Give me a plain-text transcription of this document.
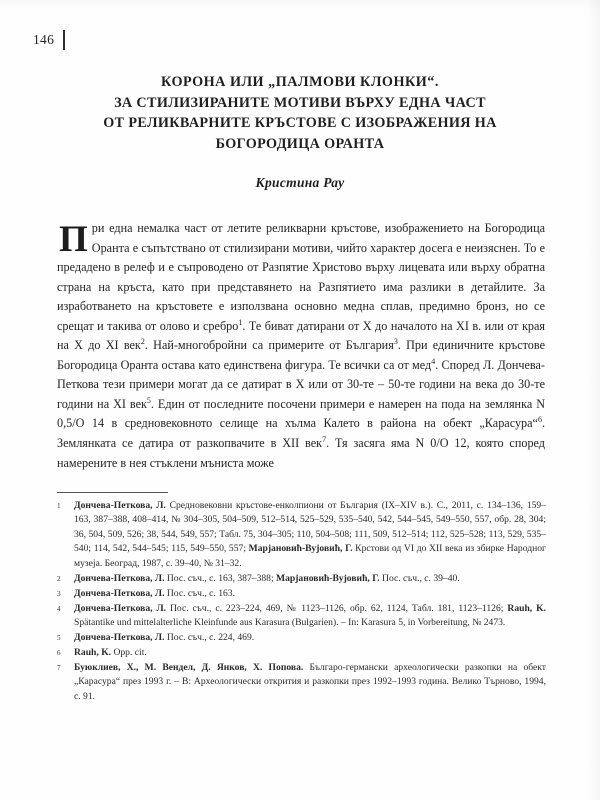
146
КОРОНА ИЛИ „ПАЛМОВИ КЛОНКИ“.
ЗА СТИЛИЗИРАНИТЕ МОТИВИ ВЪРХУ ЕДНА ЧАСТ
ОТ РЕЛИКВАРНИТЕ КРЪСТОВЕ С ИЗОБРАЖЕНИЯ НА
БОГОРОДИЦА ОРАНТА
Кристина Рау

При една немалка част от летите реликварни кръстове, изображението на Богородица Оранта е съпътствано от стилизирани мотиви, чийто характер досега е неизяснен. То е предадено в релеф и е съпроводено от Разпятие Христово върху лицевата или върху обратна страна на кръста, като при представянето на Разпятието има разлики в детайлите. За изработването на кръстовете е използвана основно медна сплав, предимно бронз, но се срещат и такива от олово и сребро$^1$. Те биват датирани от X до началото на XI в. или от края на X до XI век$^2$. Най-многобройни са примерите от България$^3$. При единичните кръстове Богородица Оранта остава като единствена фигура. Те всички са от мед$^4$. Според Л. Дончева-Петкова тези примери могат да се датират в X или от 30-те – 50-те години на века до 30-те години на XI век$^5$. Един от последните посочени примери е намерен на пода на землянка N 0,5/O 14 в средновековното селище на хълма Калето в района на обект „Карасура“$^6$. Землянката се датира от разкопвачите в XII век$^7$. Тя засяга яма N 0/O 12, която според намерените в нея стъклени мъниста може

1	Дончева-Петкова, Л. Средновековни кръстове-енколпиони от България (IX–XIV в.). С., 2011, с. 134–136, 159–163, 387–388, 408–414, № 304–305, 504–509, 512–514, 525–529, 535–540, 542, 544–545, 549–550, 557, обр. 28, 304; 36, 504, 509, 526; 38, 544, 549, 557; Табл. 75, 304–305; 110, 504–508; 111, 509, 512–514; 112, 525–528; 113, 529, 535–540; 114, 542, 544–545; 115, 549–550, 557; Марјановић-Вујовић, Г. Крстови од VI до XII века из збирке Народног музеја. Београд, 1987, с. 39–40, № 31–32.
2	Дончева-Петкова, Л. Пос. съч., с. 163, 387–388; Марјановић-Вујовић, Г. Пос. съч., с. 39–40.
3	Дончева-Петкова, Л. Пос. съч., с. 163.
4	Дончева-Петкова, Л. Пос. съч., с. 223–224, 469, № 1123–1126, обр. 62, 1124, Табл. 181, 1123–1126; Rauh, K. Spätantike und mittelalterliche Kleinfunde aus Karasura (Bulgarien). – In: Karasura 5, in Vorbereitung, № 2473.
5	Дончева-Петкова, Л. Пос. съч., с. 224, 469.
6	Rauh, K. Opp. cit.
7	Буюклиев, Х., М. Вендел, Д. Янков, Х. Попова. Българо-германски археологически разкопки на обект „Карасура“ през 1993 г. – В: Археологически открития и разкопки през 1992–1993 година. Велико Търново, 1994, с. 91.
